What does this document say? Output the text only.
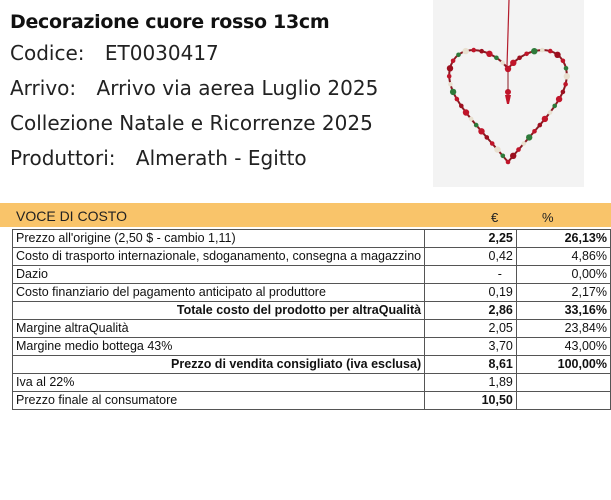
Decorazione cuore rosso 13cm
Codice: ET0030417
Arrivo: Arrivo via aerea Luglio 2025
Collezione Natale e Ricorrenze 2025
Produttori: Almerath - Egitto
VOCE DI COSTO	€	%
Prezzo all'origine (2,50 $ - cambio 1,11)	2,25	26,13%
Costo di trasporto internazionale, sdoganamento, consegna a magazzino	0,42	4,86%
Dazio	-	0,00%
Costo finanziario del pagamento anticipato al produttore	0,19	2,17%
Totale costo del prodotto per altraQualità	2,86	33,16%
Margine altraQualità	2,05	23,84%
Margine medio bottega 43%	3,70	43,00%
Prezzo di vendita consigliato (iva esclusa)	8,61	100,00%
Iva al 22%	1,89	
Prezzo finale al consumatore	10,50	
